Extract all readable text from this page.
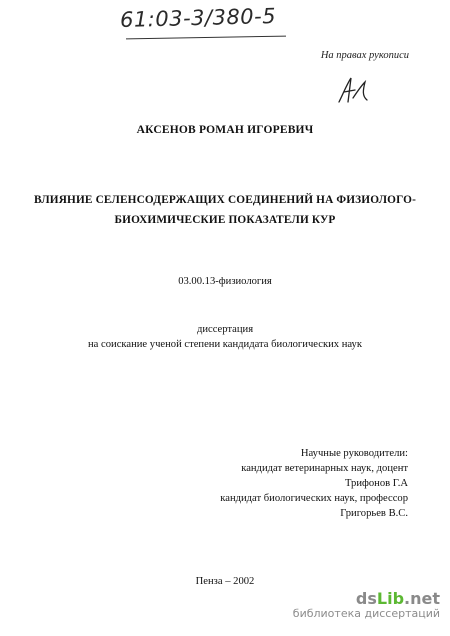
61:03-3/380-5
На правах рукописи
АКСЕНОВ РОМАН ИГОРЕВИЧ
ВЛИЯНИЕ СЕЛЕНСОДЕРЖАЩИХ СОЕДИНЕНИЙ НА ФИЗИОЛОГО-
БИОХИМИЧЕСКИЕ ПОКАЗАТЕЛИ КУР
03.00.13-физиология
диссертация
на соискание ученой степени кандидата биологических наук
Научные руководители:
кандидат ветеринарных наук, доцент
Трифонов Г.А
кандидат биологических наук, профессор
Григорьев В.С.
Пенза – 2002
dsLib.net
библиотека диссертаций
